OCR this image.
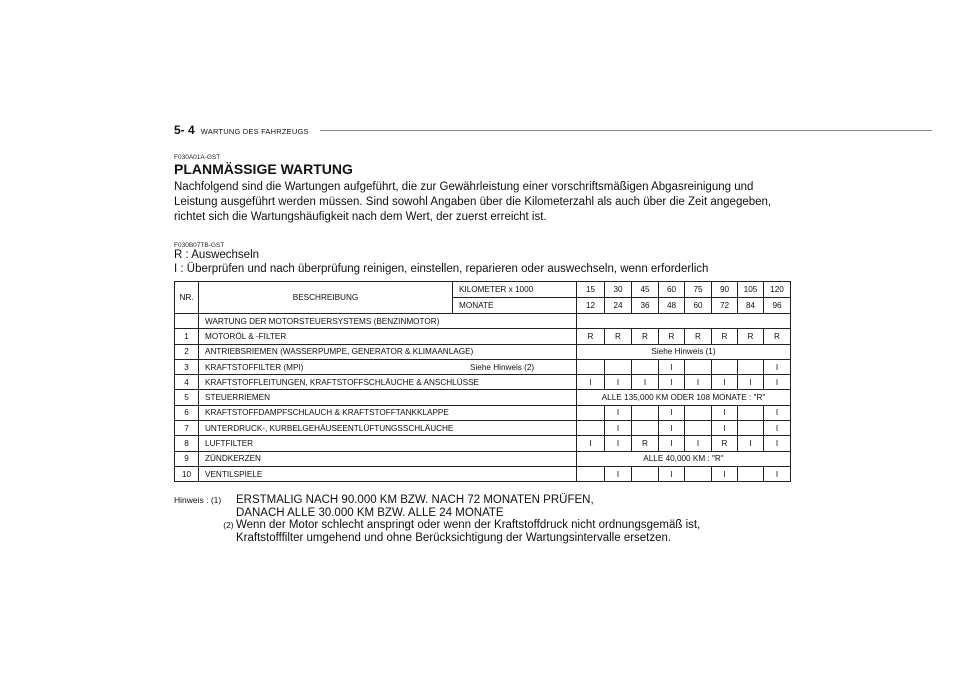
5- 4 WARTUNG DES FAHRZEUGS
F030A01A-GST
PLANMÄSSIGE WARTUNG

Nachfolgend sind die Wartungen aufgeführt, die zur Gewährleistung einer vorschriftsmäßigen Abgasreinigung und Leistung ausgeführt werden müssen. Sind sowohl Angaben über die Kilometerzahl als auch über die Zeit angegeben, richtet sich die Wartungshäufigkeit nach dem Wert, der zuerst erreicht ist.

F030B07TB-GST
R : Auswechseln
I : Überprüfen und nach überprüfung reinigen, einstellen, reparieren oder auswechseln, wenn erforderlich
NR.	BESCHREIBUNG	KILOMETER x 1000	15	30	45	60	75	90	105	120
		MONATE	12	24	36	48	60	72	84	96
	WARTUNG DER MOTORSTEUERSYSTEMS (BENZINMOTOR)									
1	MOTORÖL & -FILTER		R	R	R	R	R	R	R	R
2	ANTRIEBSRIEMEN (WASSERPUMPE, GENERATOR & KLIMAANLAGE)		Siehe Hinweis (1)							
3	KRAFTSTOFFILTER (MPI) Siehe Hinweis (2)					I				I
4	KRAFTSTOFFLEITUNGEN, KRAFTSTOFFSCHLÄUCHE & ANSCHLÜSSE		I	I	I	I	I	I	I	I
5	STEUERRIEMEN		ALLE 135,000 KM ODER 108 MONATE : "R"							
6	KRAFTSTOFFDAMPFSCHLAUCH & KRAFTSTOFFTANKKLAPPE			I		I		I		I
7	UNTERDRUCK-, KURBELGEHÄUSEENTLÜFTUNGSSCHLÄUCHE			I		I		I		I
8	LUFTFILTER		I	I	R	I	I	R	I	I
9	ZÜNDKERZEN		ALLE 40,000 KM : "R"							
10	VENTILSPIELE			I		I		I		I
Hinweis : (1)	ERSTMALIG NACH 90.000 KM BZW. NACH 72 MONATEN PRÜFEN,
DANACH ALLE 30.000 KM BZW. ALLE 24 MONATE
(2) Wenn der Motor schlecht anspringt oder wenn der Kraftstoffdruck nicht ordnungsgemäß ist,
Kraftstofffilter umgehend und ohne Berücksichtigung der Wartungsintervalle ersetzen.
